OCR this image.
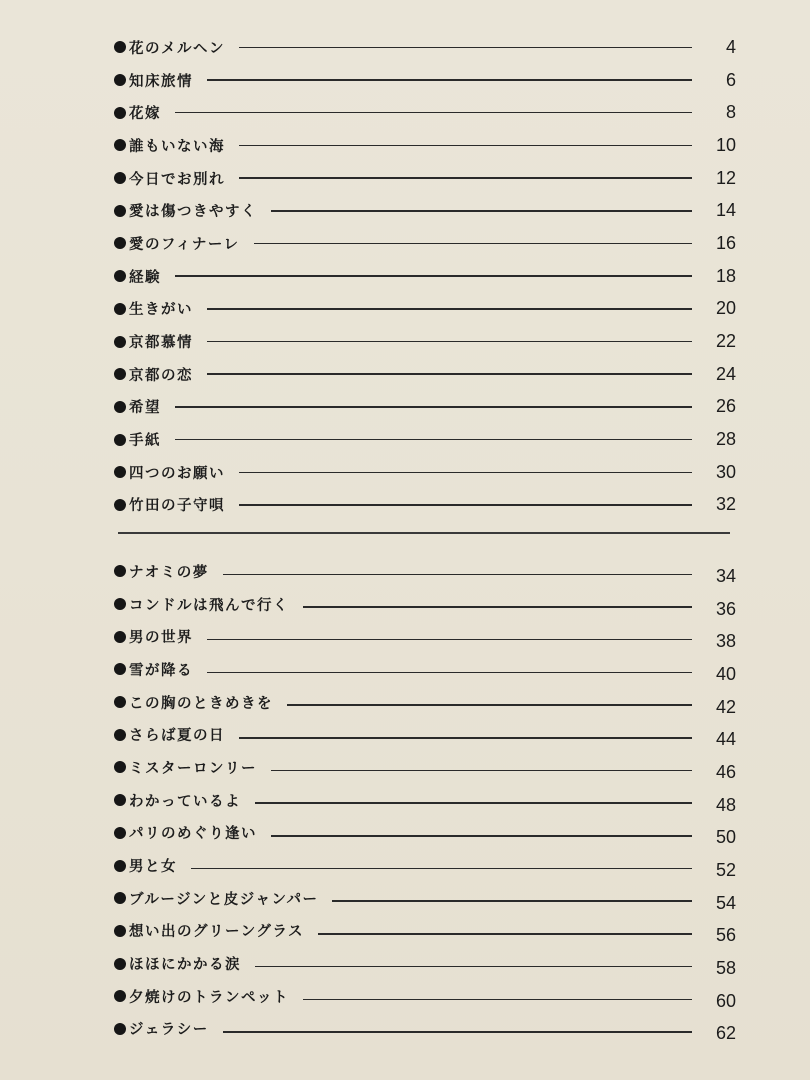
花のメルヘン	4
知床旅情	6
花嫁	8
誰もいない海	10
今日でお別れ	12
愛は傷つきやすく	14
愛のフィナーレ	16
経験	18
生きがい	20
京都慕情	22
京都の恋	24
希望	26
手紙	28
四つのお願い	30
竹田の子守唄	32
ナオミの夢	34
コンドルは飛んで行く	36
男の世界	38
雪が降る	40
この胸のときめきを	42
さらば夏の日	44
ミスターロンリー	46
わかっているよ	48
パリのめぐり逢い	50
男と女	52
ブルージンと皮ジャンパー	54
想い出のグリーングラス	56
ほほにかかる涙	58
夕焼けのトランペット	60
ジェラシー	62
